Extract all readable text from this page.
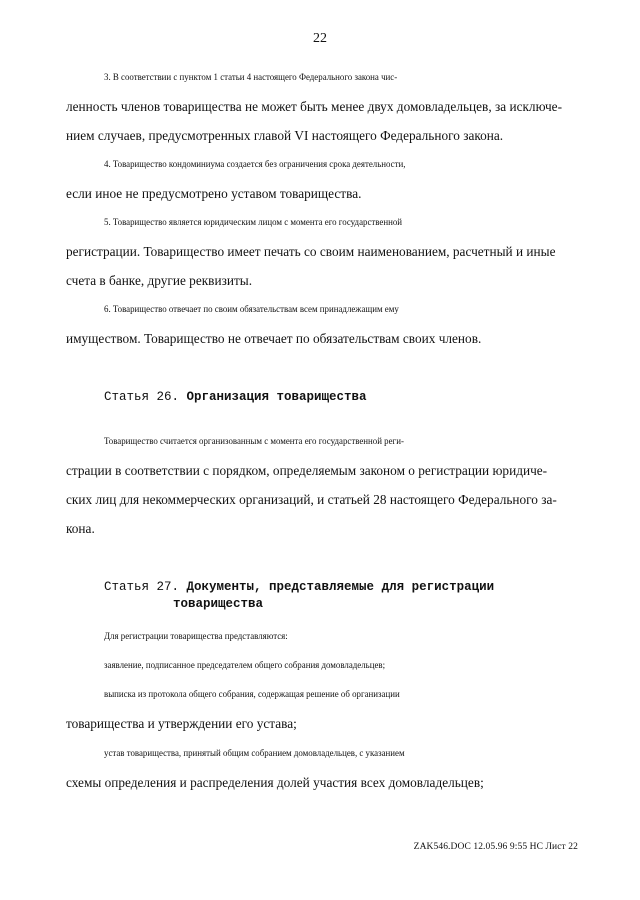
22

3. В соответствии с пунктом 1 статьи 4 настоящего Федерального закона чис-
ленность членов товарищества не может быть менее двух домовладельцев, за исключе-
нием случаев, предусмотренных главой VI настоящего Федерального закона.

4. Товарищество кондоминиума создается без ограничения срока деятельности,
если иное не предусмотрено уставом товарищества.

5. Товарищество является юридическим лицом с момента его государственной
регистрации. Товарищество имеет печать со своим наименованием, расчетный и иные
счета в банке, другие реквизиты.

6. Товарищество отвечает по своим обязательствам всем принадлежащим ему
имуществом. Товарищество не отвечает по обязательствам своих членов.

Статья 26. Организация товарищества

Товарищество считается организованным с момента его государственной реги-
страции в соответствии с порядком, определяемым законом о регистрации юридиче-
ских лиц для некоммерческих организаций, и статьей 28 настоящего Федерального за-
кона.

Статья 27. Документы, представляемые для регистрации
товарищества

Для регистрации товарищества представляются:

заявление, подписанное председателем общего собрания домовладельцев;

выписка из протокола общего собрания, содержащая решение об организации
товарищества и утверждении его устава;

устав товарищества, принятый общим собранием домовладельцев, с указанием
схемы определения и распределения долей участия всех домовладельцев;

ZAK546.DOC 12.05.96 9:55 НС Лист 22
